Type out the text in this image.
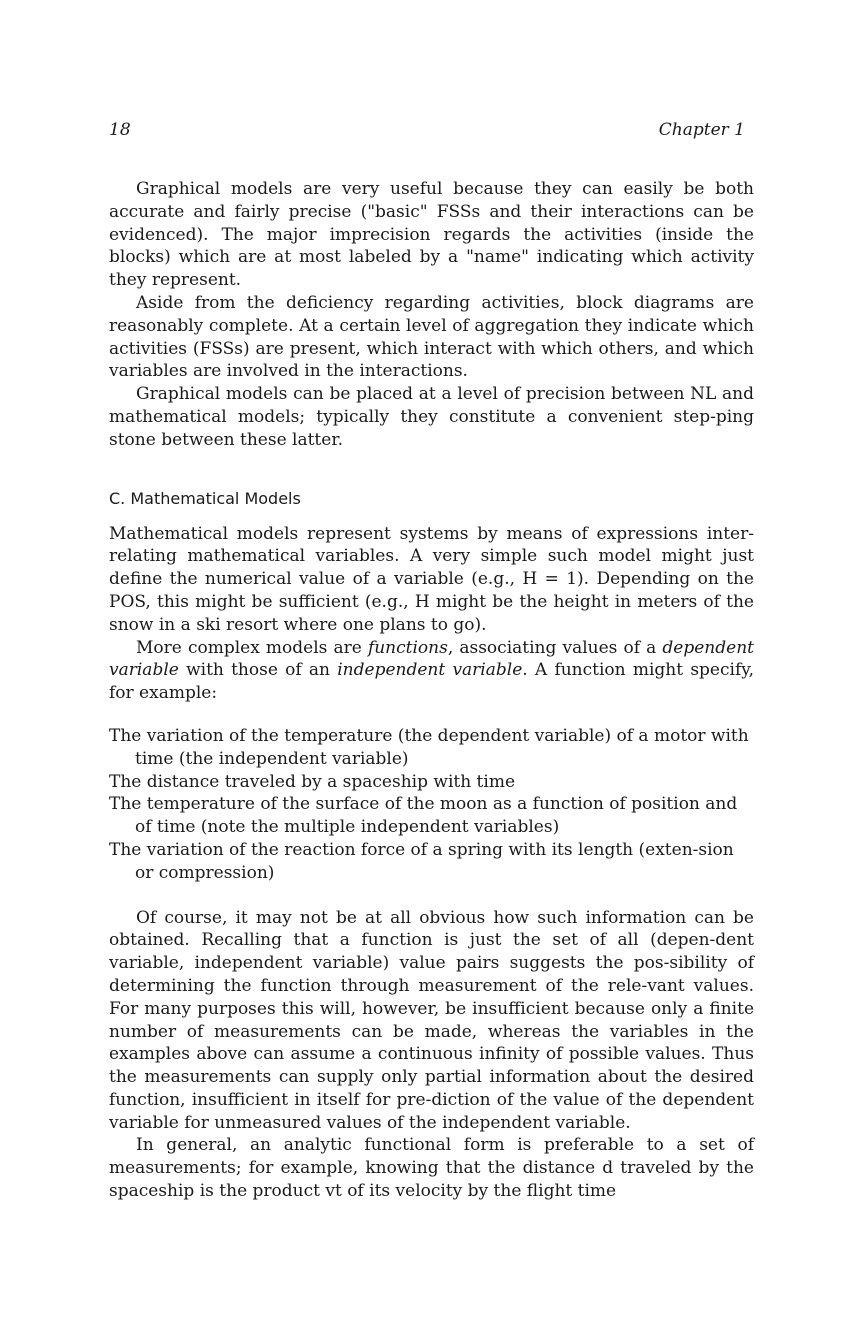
18	Chapter 1

Graphical models are very useful because they can easily be both accurate and fairly precise ("basic" FSSs and their interactions can be evidenced). The major imprecision regards the activities (inside the blocks) which are at most labeled by a "name" indicating which activity they represent.

Aside from the deficiency regarding activities, block diagrams are reasonably complete. At a certain level of aggregation they indicate which activities (FSSs) are present, which interact with which others, and which variables are involved in the interactions.

Graphical models can be placed at a level of precision between NL and mathematical models; typically they constitute a convenient step-ping stone between these latter.

C. Mathematical Models

Mathematical models represent systems by means of expressions inter-relating mathematical variables. A very simple such model might just define the numerical value of a variable (e.g., H = 1). Depending on the POS, this might be sufficient (e.g., H might be the height in meters of the snow in a ski resort where one plans to go).

More complex models are functions, associating values of a dependent variable with those of an independent variable. A function might specify, for example:

The variation of the temperature (the dependent variable) of a motor with time (the independent variable)
The distance traveled by a spaceship with time
The temperature of the surface of the moon as a function of position and of time (note the multiple independent variables)
The variation of the reaction force of a spring with its length (exten-sion or compression)

Of course, it may not be at all obvious how such information can be obtained. Recalling that a function is just the set of all (depen-dent variable, independent variable) value pairs suggests the pos-sibility of determining the function through measurement of the rele-vant values. For many purposes this will, however, be insufficient because only a finite number of measurements can be made, whereas the variables in the examples above can assume a continuous infinity of possible values. Thus the measurements can supply only partial information about the desired function, insufficient in itself for pre-diction of the value of the dependent variable for unmeasured values of the independent variable.

In general, an analytic functional form is preferable to a set of measurements; for example, knowing that the distance d traveled by the spaceship is the product vt of its velocity by the flight time
